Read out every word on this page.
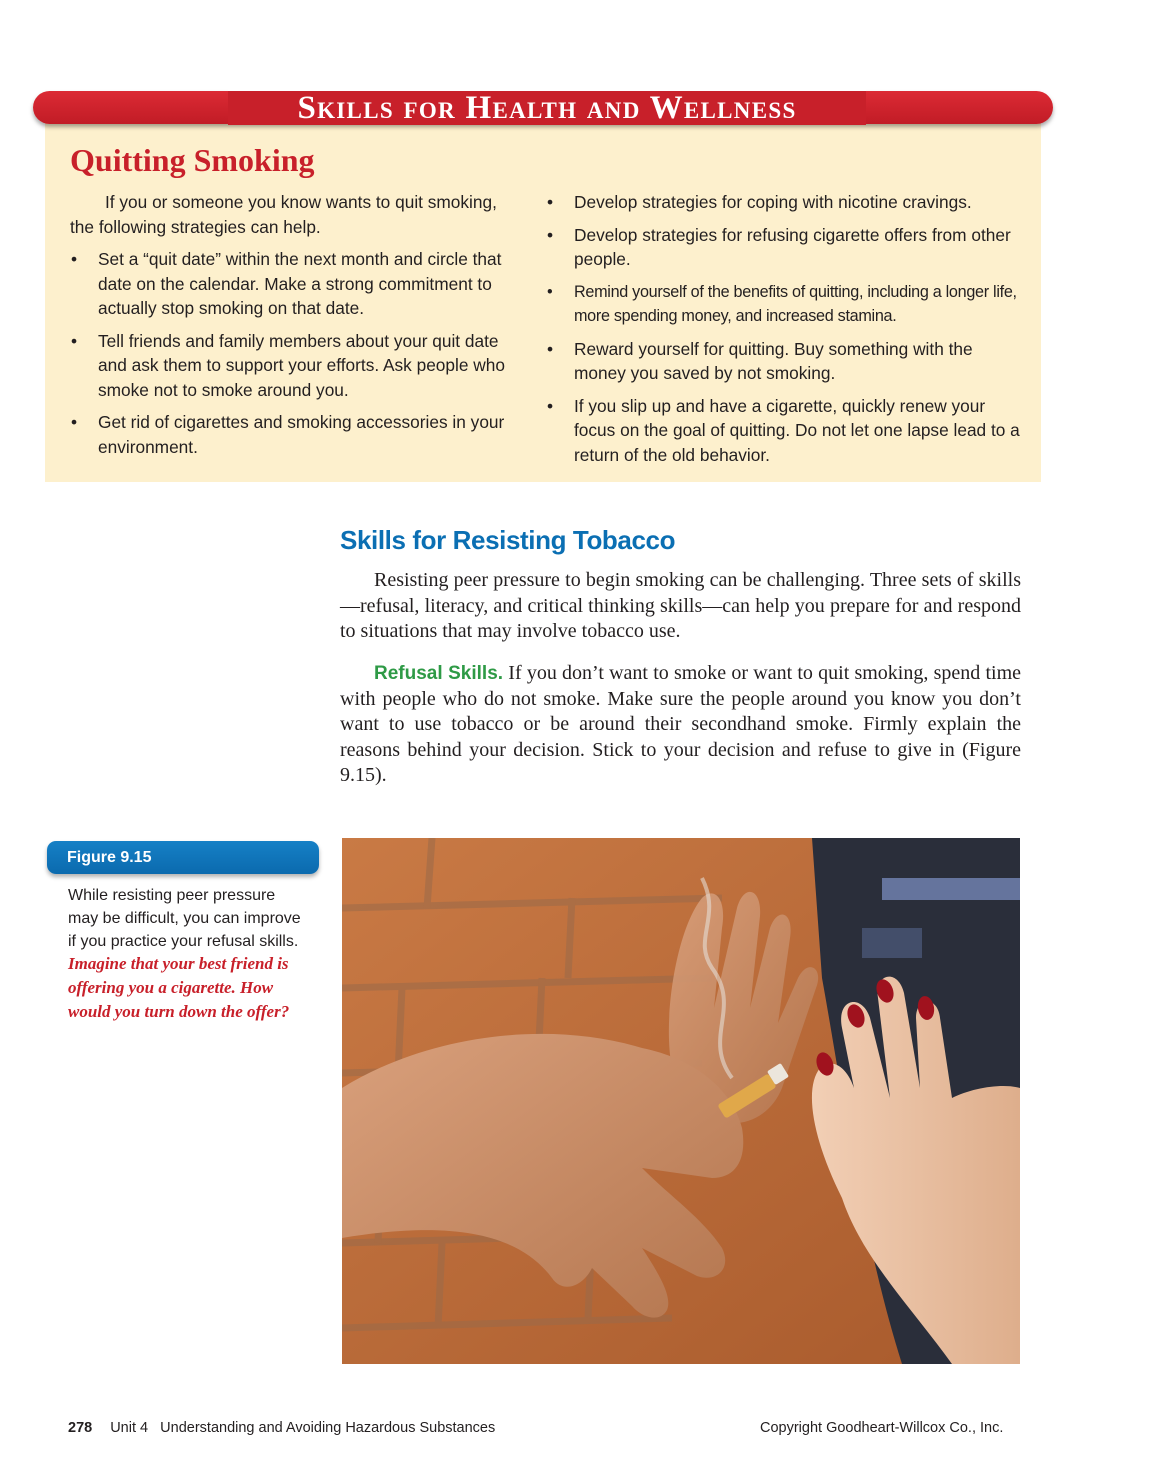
Skills for Health and Wellness
Quitting Smoking

If you or someone you know wants to quit smoking, the following strategies can help.

• Set a “quit date” within the next month and circle that date on the calendar. Make a strong commitment to actually stop smoking on that date.
• Tell friends and family members about your quit date and ask them to support your efforts. Ask people who smoke not to smoke around you.
• Get rid of cigarettes and smoking accessories in your environment.
• Develop strategies for coping with nicotine cravings.
• Develop strategies for refusing cigarette offers from other people.
• Remind yourself of the benefits of quitting, including a longer life, more spending money, and increased stamina.
• Reward yourself for quitting. Buy something with the money you saved by not smoking.
• If you slip up and have a cigarette, quickly renew your focus on the goal of quitting. Do not let one lapse lead to a return of the old behavior.
Skills for Resisting Tobacco

Resisting peer pressure to begin smoking can be challenging. Three sets of skills—refusal, literacy, and critical thinking skills—can help you prepare for and respond to situations that may involve tobacco use.

Refusal Skills. If you don’t want to smoke or want to quit smoking, spend time with people who do not smoke. Make sure the people around you know you don’t want to use tobacco or be around their secondhand smoke. Firmly explain the reasons behind your decision. Stick to your decision and refuse to give in (Figure 9.15).

Figure 9.15
While resisting peer pressure may be difficult, you can improve if you practice your refusal skills. Imagine that your best friend is offering you a cigarette. How would you turn down the offer?
278 Unit 4   Understanding and Avoiding Hazardous Substances	Copyright Goodheart-Willcox Co., Inc.
